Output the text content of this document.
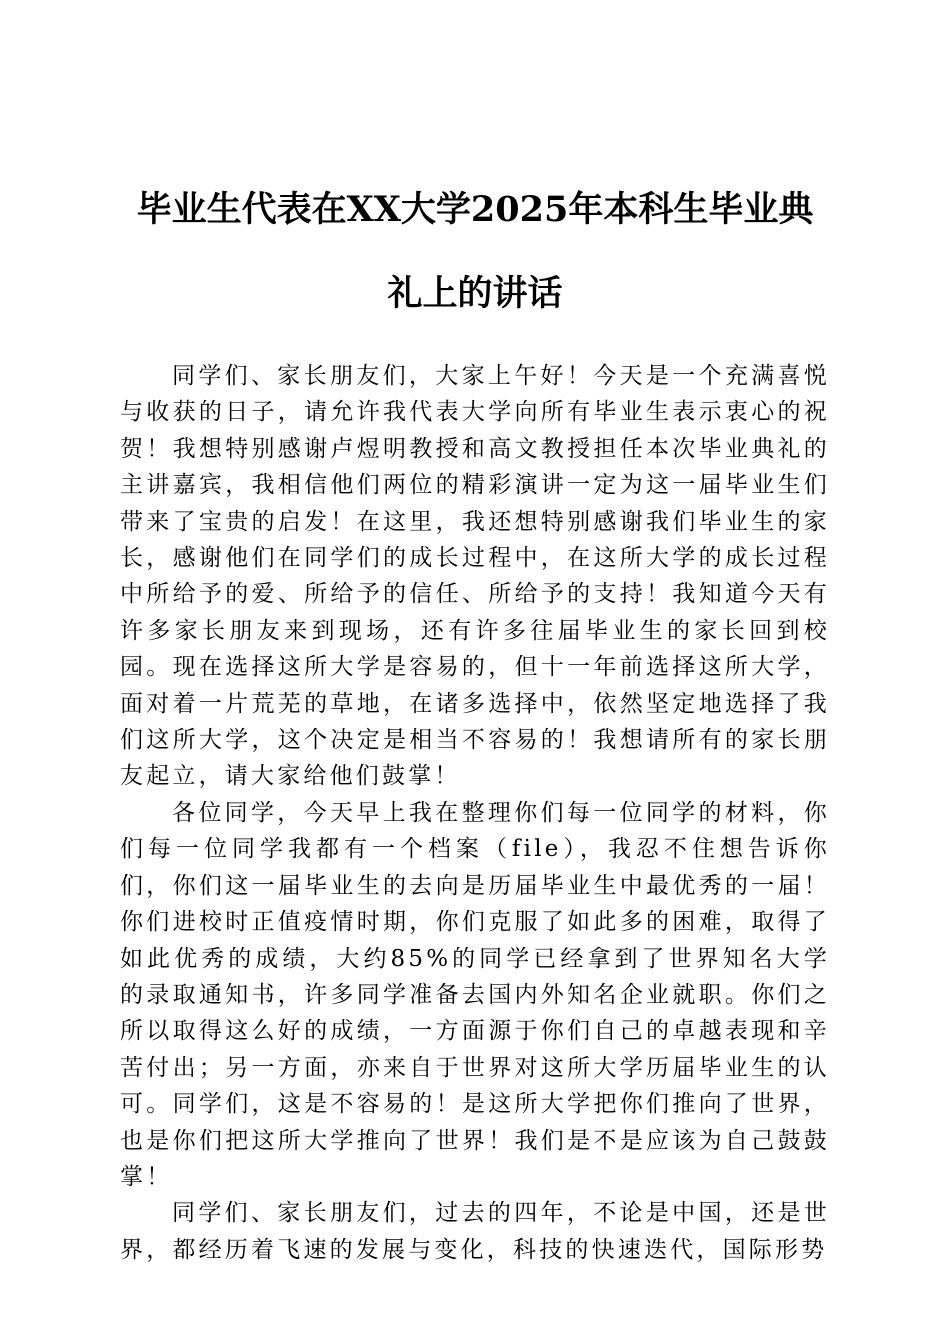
毕业生代表在XX大学2025年本科生毕业典礼上的讲话

同学们、家长朋友们，大家上午好！今天是一个充满喜悦与收获的日子，请允许我代表大学向所有毕业生表示衷心的祝贺！我想特别感谢卢煜明教授和高文教授担任本次毕业典礼的主讲嘉宾，我相信他们两位的精彩演讲一定为这一届毕业生们带来了宝贵的启发！在这里，我还想特别感谢我们毕业生的家长，感谢他们在同学们的成长过程中，在这所大学的成长过程中所给予的爱、所给予的信任、所给予的支持！我知道今天有许多家长朋友来到现场，还有许多往届毕业生的家长回到校园。现在选择这所大学是容易的，但十一年前选择这所大学，面对着一片荒芜的草地，在诸多选择中，依然坚定地选择了我们这所大学，这个决定是相当不容易的！我想请所有的家长朋友起立，请大家给他们鼓掌！

各位同学，今天早上我在整理你们每一位同学的材料，你们每一位同学我都有一个档案（file），我忍不住想告诉你们，你们这一届毕业生的去向是历届毕业生中最优秀的一届！你们进校时正值疫情时期，你们克服了如此多的困难，取得了如此优秀的成绩，大约85%的同学已经拿到了世界知名大学的录取通知书，许多同学准备去国内外知名企业就职。你们之所以取得这么好的成绩，一方面源于你们自己的卓越表现和辛苦付出；另一方面，亦来自于世界对这所大学历届毕业生的认可。同学们，这是不容易的！是这所大学把你们推向了世界，也是你们把这所大学推向了世界！我们是不是应该为自己鼓鼓掌！

同学们、家长朋友们，过去的四年，不论是中国，还是世界，都经历着飞速的发展与变化，科技的快速迭代，国际形势
